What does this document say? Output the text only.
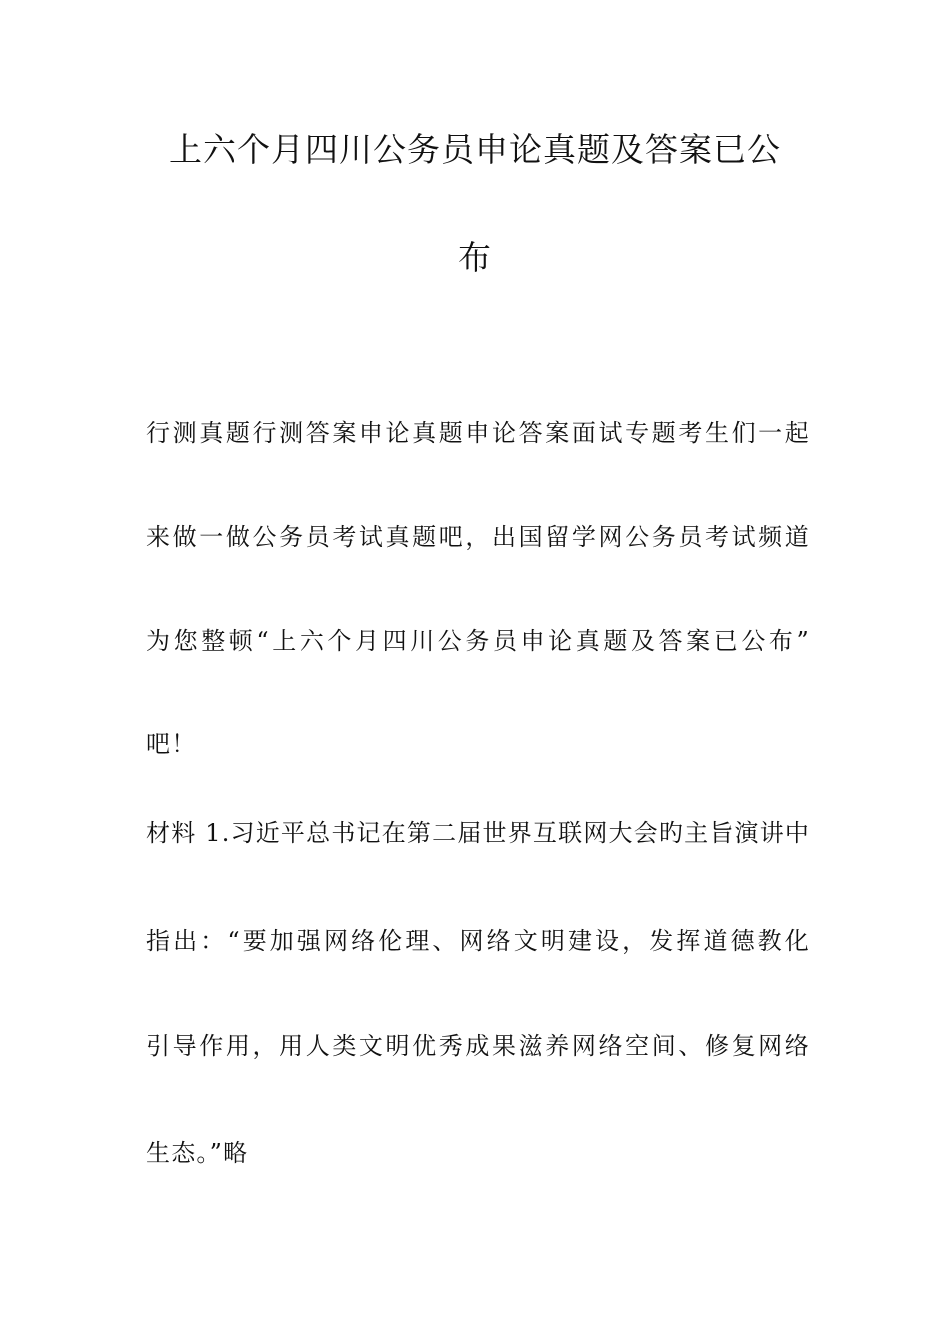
上六个月四川公务员申论真题及答案已公
布
行测真题行测答案申论真题申论答案面试专题考生们一起
来做一做公务员考试真题吧，出国留学网公务员考试频道
为您整顿“上六个月四川公务员申论真题及答案已公布”
吧！
材料 1.习近平总书记在第二届世界互联网大会旳主旨演讲中
指出：“要加强网络伦理、网络文明建设，发挥道德教化
引导作用，用人类文明优秀成果滋养网络空间、修复网络
生态。”略
